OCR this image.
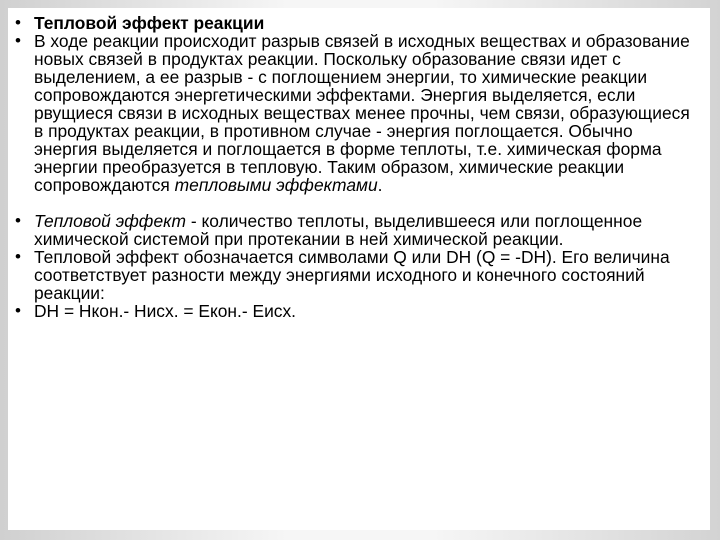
• Тепловой эффект реакции
• В ходе реакции происходит разрыв связей в исходных веществах и образование новых связей в продуктах реакции. Поскольку образование связи идет с выделением, а ее разрыв - с поглощением энергии, то химические реакции сопровождаются энергетическими эффектами. Энергия выделяется, если рвущиеся связи в исходных веществах менее прочны, чем связи, образующиеся в продуктах реакции, в противном случае - энергия поглощается. Обычно энергия выделяется и поглощается в форме теплоты, т.е. химическая форма энергии преобразуется в тепловую. Таким образом, химические реакции сопровождаются тепловыми эффектами.
• Тепловой эффект - количество теплоты, выделившееся или поглощенное химической системой при протекании в ней химической реакции.
• Тепловой эффект обозначается символами Q или DH (Q = -DH). Его величина соответствует разности между энергиями исходного и конечного состояний реакции:
• DH = Hкон.- Hисх. = Eкон.- Eисх.
